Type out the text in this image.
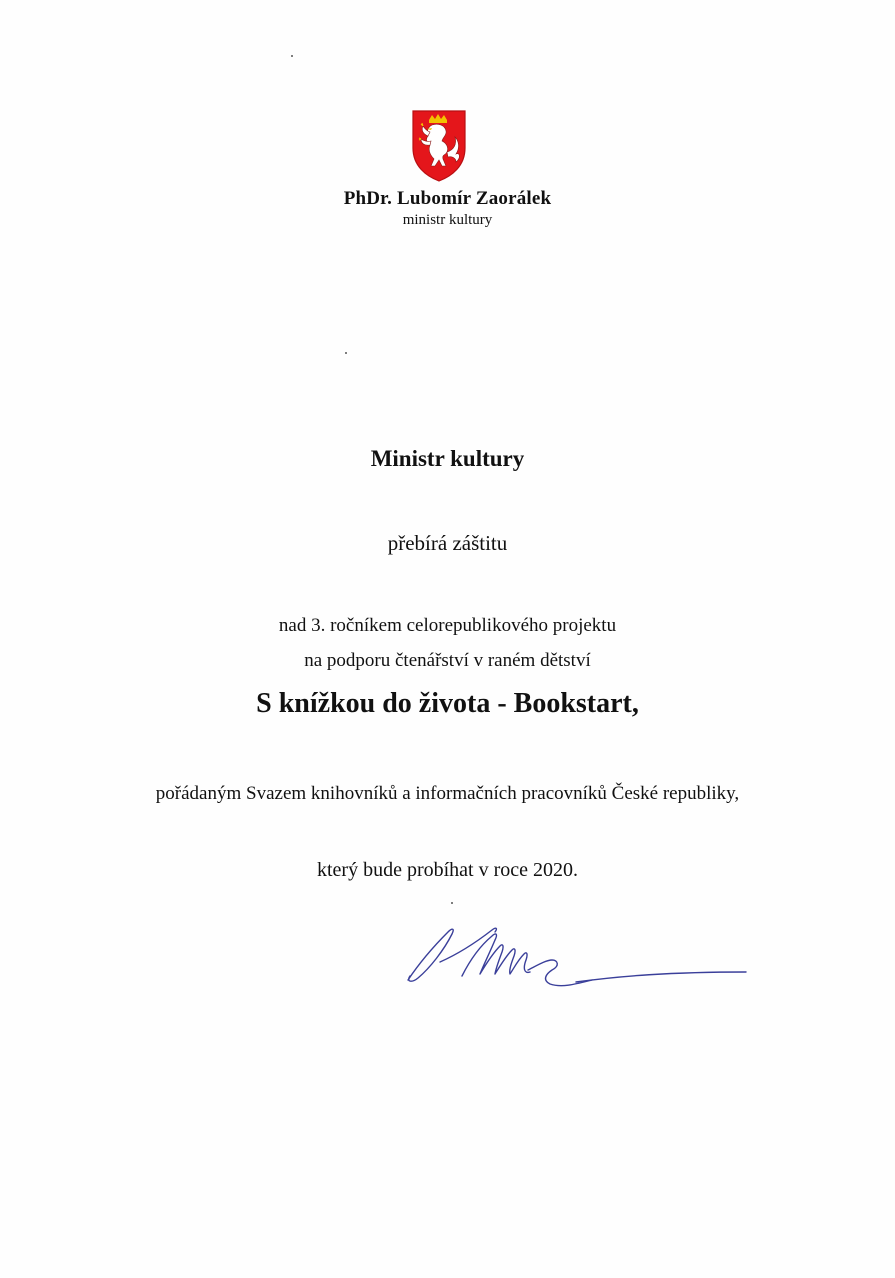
PhDr. Lubomír Zaorálek
ministr kultury
Ministr kultury
přebírá záštitu
nad 3. ročníkem celorepublikového projektu
na podporu čtenářství v raném dětství
S knížkou do života - Bookstart,
pořádaným Svazem knihovníků a informačních pracovníků České republiky,
který bude probíhat v roce 2020.
